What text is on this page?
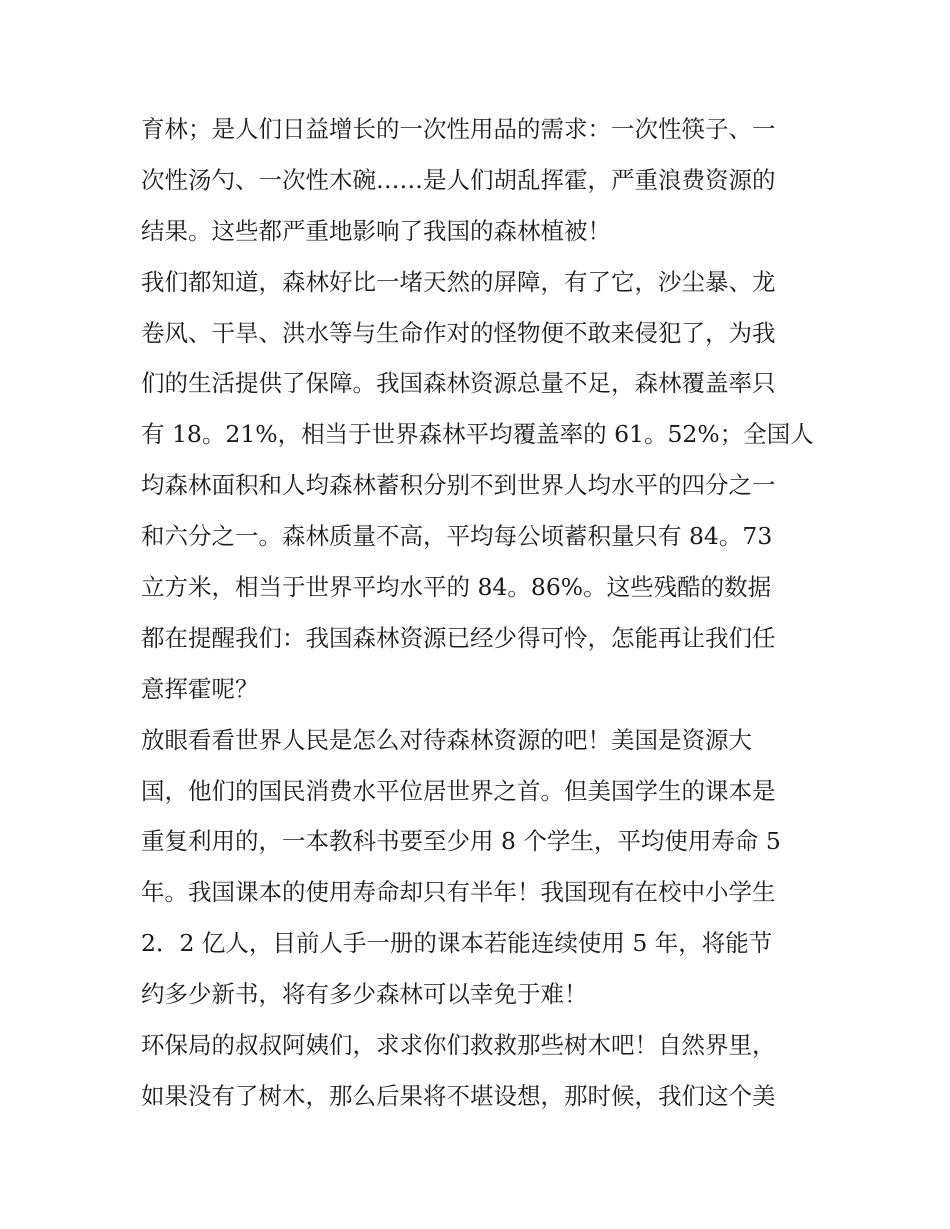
育林；是人们日益增长的一次性用品的需求：一次性筷子、一
次性汤勺、一次性木碗……是人们胡乱挥霍，严重浪费资源的
结果。这些都严重地影响了我国的森林植被！
我们都知道，森林好比一堵天然的屏障，有了它，沙尘暴、龙
卷风、干旱、洪水等与生命作对的怪物便不敢来侵犯了，为我
们的生活提供了保障。我国森林资源总量不足，森林覆盖率只
有 18。21%，相当于世界森林平均覆盖率的 61。52%；全国人
均森林面积和人均森林蓄积分别不到世界人均水平的四分之一
和六分之一。森林质量不高，平均每公顷蓄积量只有 84。73
立方米，相当于世界平均水平的 84。86%。这些残酷的数据
都在提醒我们：我国森林资源已经少得可怜，怎能再让我们任
意挥霍呢？
放眼看看世界人民是怎么对待森林资源的吧！美国是资源大
国，他们的国民消费水平位居世界之首。但美国学生的课本是
重复利用的，一本教科书要至少用 8 个学生，平均使用寿命 5
年。我国课本的使用寿命却只有半年！我国现有在校中小学生
2．2 亿人，目前人手一册的课本若能连续使用 5 年，将能节
约多少新书，将有多少森林可以幸免于难！
环保局的叔叔阿姨们，求求你们救救那些树木吧！自然界里，
如果没有了树木，那么后果将不堪设想，那时候，我们这个美
